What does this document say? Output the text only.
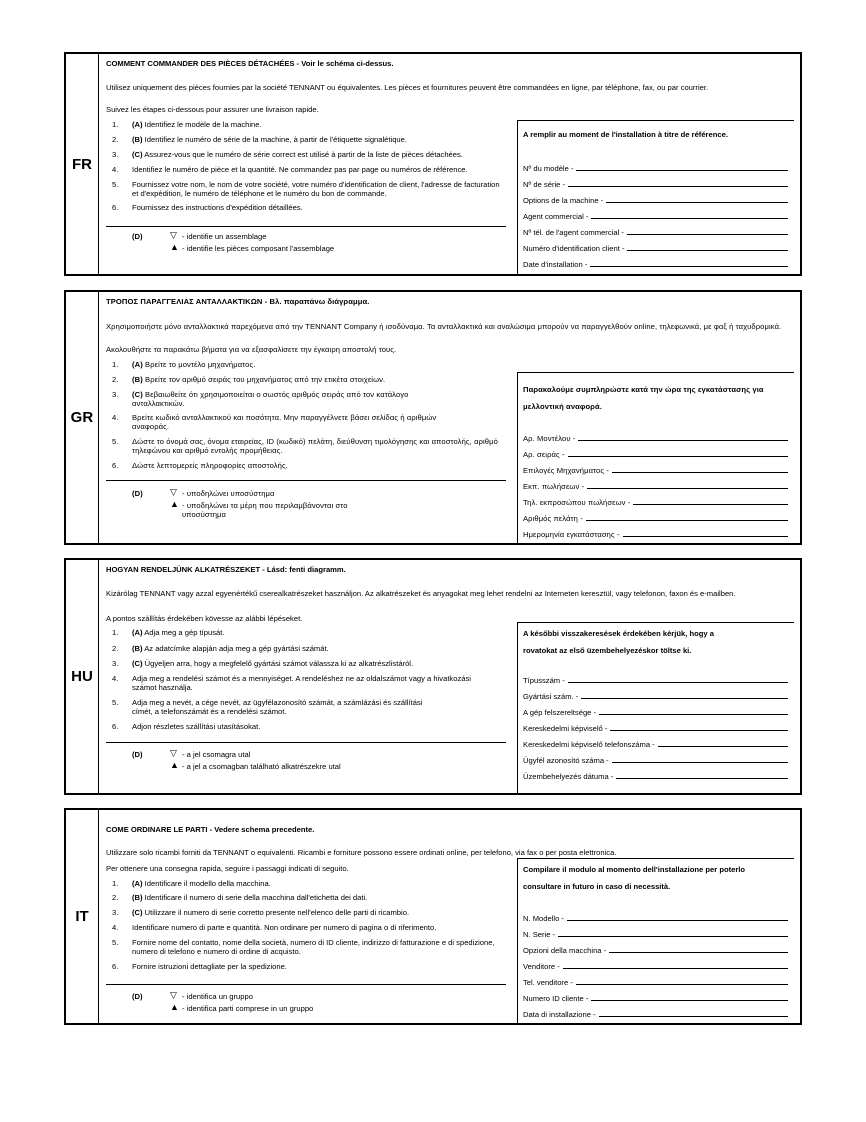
FR
COMMENT COMMANDER DES PIÈCES DÉTACHÉES - Voir le schéma ci-dessus.
Utilisez uniquement des pièces fournies par la société TENNANT ou équivalentes. Les pièces et fournitures peuvent être commandées en ligne, par téléphone, fax, ou par courrier.
Suivez les étapes ci-dessous pour assurer une livraison rapide.
1. (A) Identifiez le modèle de la machine.
2. (B) Identifiez le numéro de série de la machine, à partir de l'étiquette signalétique.
3. (C) Assurez-vous que le numéro de série correct est utilisé à partir de la liste de pièces détachées.
4. Identifiez le numéro de pièce et la quantité. Ne commandez pas par page ou numéros de référence.
5. Fournissez votre nom, le nom de votre société, votre numéro d'identification de client, l'adresse de facturation et d'expédition, le numéro de téléphone et le numéro du bon de commande.
6. Fournissez des instructions d'expédition détaillées.
(D)	▽ - identifie un assemblage
▲ - identifie les pièces composant l'assemblage
A remplir au moment de l'installation à titre de référence.
Nº du modèle -
Nº de série -
Options de la machine -
Agent commercial -
Nº tél. de l'agent commercial -
Numéro d'identification client -
Date d'installation -
GR
ΤΡΟΠΟΣ ΠΑΡΑΓΓΕΛΙΑΣ ΑΝΤΑΛΛΑΚΤΙΚΩΝ - Βλ. παραπάνω διάγραμμα.
Χρησιμοποιήστε μόνο ανταλλακτικά παρεχόμενα από την TENNANT Company ή ισοδύναμα. Τα ανταλλακτικά και αναλώσιμα μπορούν να παραγγελθούν online, τηλεφωνικά, με φαξ ή ταχυδρομικά.
Ακολουθήστε τα παρακάτω βήματα για να εξασφαλίσετε την έγκαιρη αποστολή τους.
1. (A) Βρείτε το μοντέλο μηχανήματος.
2. (B) Βρείτε τον αριθμό σειράς του μηχανήματος από την ετικέτα στοιχείων.
3. (C) Βεβαιωθείτε ότι χρησιμοποιείται ο σωστός αριθμός σειράς από τον κατάλογο ανταλλακτικών.
4. Βρείτε κωδικό ανταλλακτικού και ποσότητα. Μην παραγγέλνετε βάσει σελίδας ή αριθμών αναφοράς.
5. Δώστε το όνομά σας, όνομα εταιρείας, ID (κωδικό) πελάτη, διεύθυνση τιμολόγησης και αποστολής, αριθμό τηλεφώνου και αριθμό εντολής προμήθειας.
6. Δώστε λεπτομερείς πληροφορίες αποστολής.
(D)	▽ - υποδηλώνει υποσύστημα
▲ - υποδηλώνει τα μέρη που περιλαμβάνονται στο υποσύστημα
Παρακαλούμε συμπληρώστε κατά την ώρα της εγκατάστασης για μελλοντική αναφορά.
Αρ. Μοντέλου -
Αρ. σειράς -
Επιλογές Μηχανήματος -
Εκπ. πωλήσεων -
Τηλ. εκπροσώπου πωλήσεων -
Αριθμός πελάτη -
Ημερομηνία εγκατάστασης -
HU
HOGYAN RENDELJÜNK ALKATRÉSZEKET - Lásd: fenti diagramm.
Kizárólag TENNANT vagy azzal egyenértékű cserealkatrészeket használjon. Az alkatrészeket és anyagokat meg lehet rendelni az Interneten keresztül, vagy telefonon, faxon és e-mailben.
A pontos szállítás érdekében kövesse az alábbi lépéseket.
1. (A) Adja meg a gép típusát.
2. (B) Az adatcímke alapján adja meg a gép gyártási számát.
3. (C) Ügyeljen arra, hogy a megfelelő gyártási számot válassza ki az alkatrészlistáról.
4. Adja meg a rendelési számot és a mennyiséget. A rendeléshez ne az oldalszámot vagy a hivatkozási számot használja.
5. Adja meg a nevét, a cége nevét, az ügyfélazonosító számát, a számlázási és szállítási címét, a telefonszámát és a rendelési számot.
6. Adjon részletes szállítási utasításokat.
(D)	▽ - a jel csomagra utal
▲ - a jel a csomagban található alkatrészekre utal
A későbbi visszakeresések érdekében kérjük, hogy a rovatokat az első üzembehelyezéskor töltse ki.
Típusszám -
Gyártási szám. -
A gép felszereltsége -
Kereskedelmi képviselő -
Kereskedelmi képviselő telefonszáma -
Ügyfél azonosító száma -
Üzembehelyezés dátuma -
IT
COME ORDINARE LE PARTI - Vedere schema precedente.
Utilizzare solo ricambi forniti da TENNANT o equivalenti. Ricambi e forniture possono essere ordinati online, per telefono, via fax o per posta elettronica.
Per ottenere una consegna rapida, seguire i passaggi indicati di seguito.
1. (A) Identificare il modello della macchina.
2. (B) Identificare il numero di serie della macchina dall'etichetta dei dati.
3. (C) Utilizzare il numero di serie corretto presente nell'elenco delle parti di ricambio.
4. Identificare numero di parte e quantità. Non ordinare per numero di pagina o di riferimento.
5. Fornire nome del contatto, nome della società, numero di ID cliente, indirizzo di fatturazione e di spedizione, numero di telefono e numero di ordine di acquisto.
6. Fornire istruzioni dettagliate per la spedizione.
(D)	▽ - identifica un gruppo
▲ - identifica parti comprese in un gruppo
Compilare il modulo al momento dell'installazione per poterlo consultare in futuro in caso di necessità.
N. Modello -
N. Serie -
Opzioni della macchina -
Venditore -
Tel. venditore -
Numero ID cliente -
Data di installazione -
